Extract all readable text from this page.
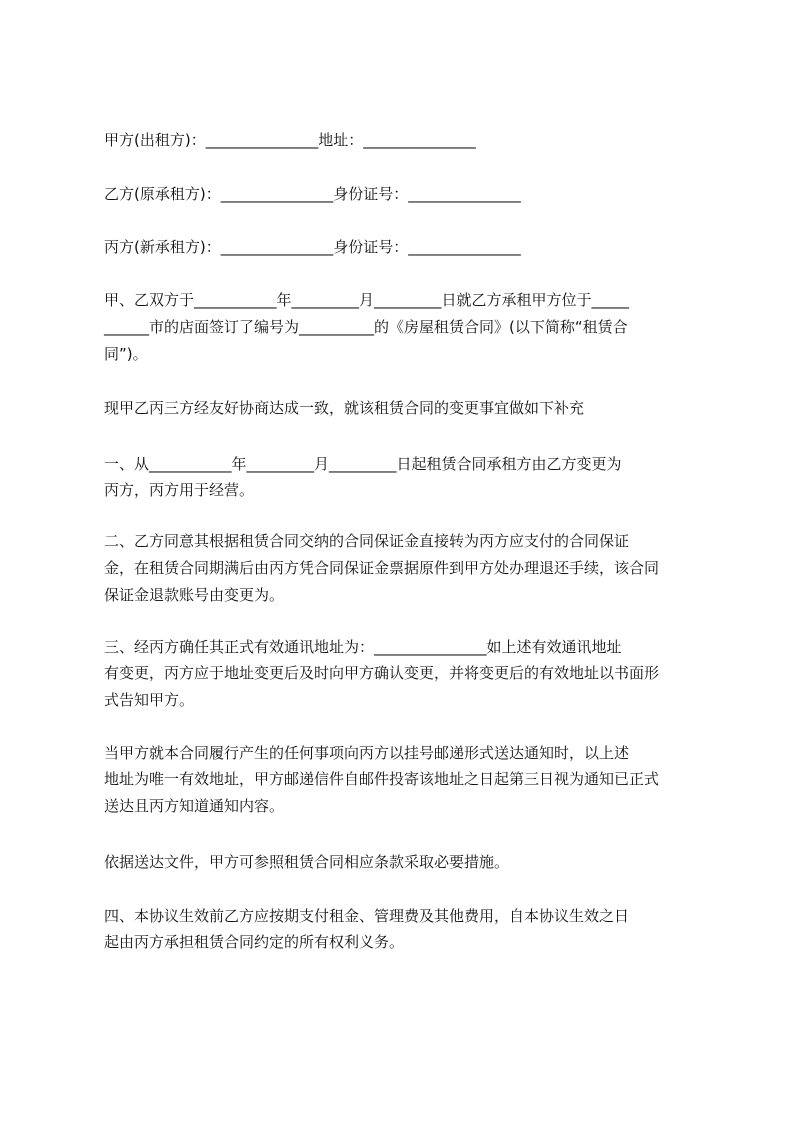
甲方(出租方)：_______________地址：_______________

乙方(原承租方)：_______________身份证号：_______________

丙方(新承租方)：_______________身份证号：_______________

甲、乙双方于___________年_________月_________日就乙方承租甲方位于_____

______市的店面签订了编号为__________的《房屋租赁合同》(以下简称“租赁合

同”)。

现甲乙丙三方经友好协商达成一致，就该租赁合同的变更事宜做如下补充

一、从___________年_________月_________日起租赁合同承租方由乙方变更为

丙方，丙方用于经营。

二、乙方同意其根据租赁合同交纳的合同保证金直接转为丙方应支付的合同保证

金，在租赁合同期满后由丙方凭合同保证金票据原件到甲方处办理退还手续，该合同

保证金退款账号由变更为。

三、经丙方确任其正式有效通讯地址为：_______________如上述有效通讯地址

有变更，丙方应于地址变更后及时向甲方确认变更，并将变更后的有效地址以书面形

式告知甲方。

当甲方就本合同履行产生的任何事项向丙方以挂号邮递形式送达通知时，以上述

地址为唯一有效地址，甲方邮递信件自邮件投寄该地址之日起第三日视为通知已正式

送达且丙方知道通知内容。

依据送达文件，甲方可参照租赁合同相应条款采取必要措施。

四、本协议生效前乙方应按期支付租金、管理费及其他费用，自本协议生效之日

起由丙方承担租赁合同约定的所有权利义务。
